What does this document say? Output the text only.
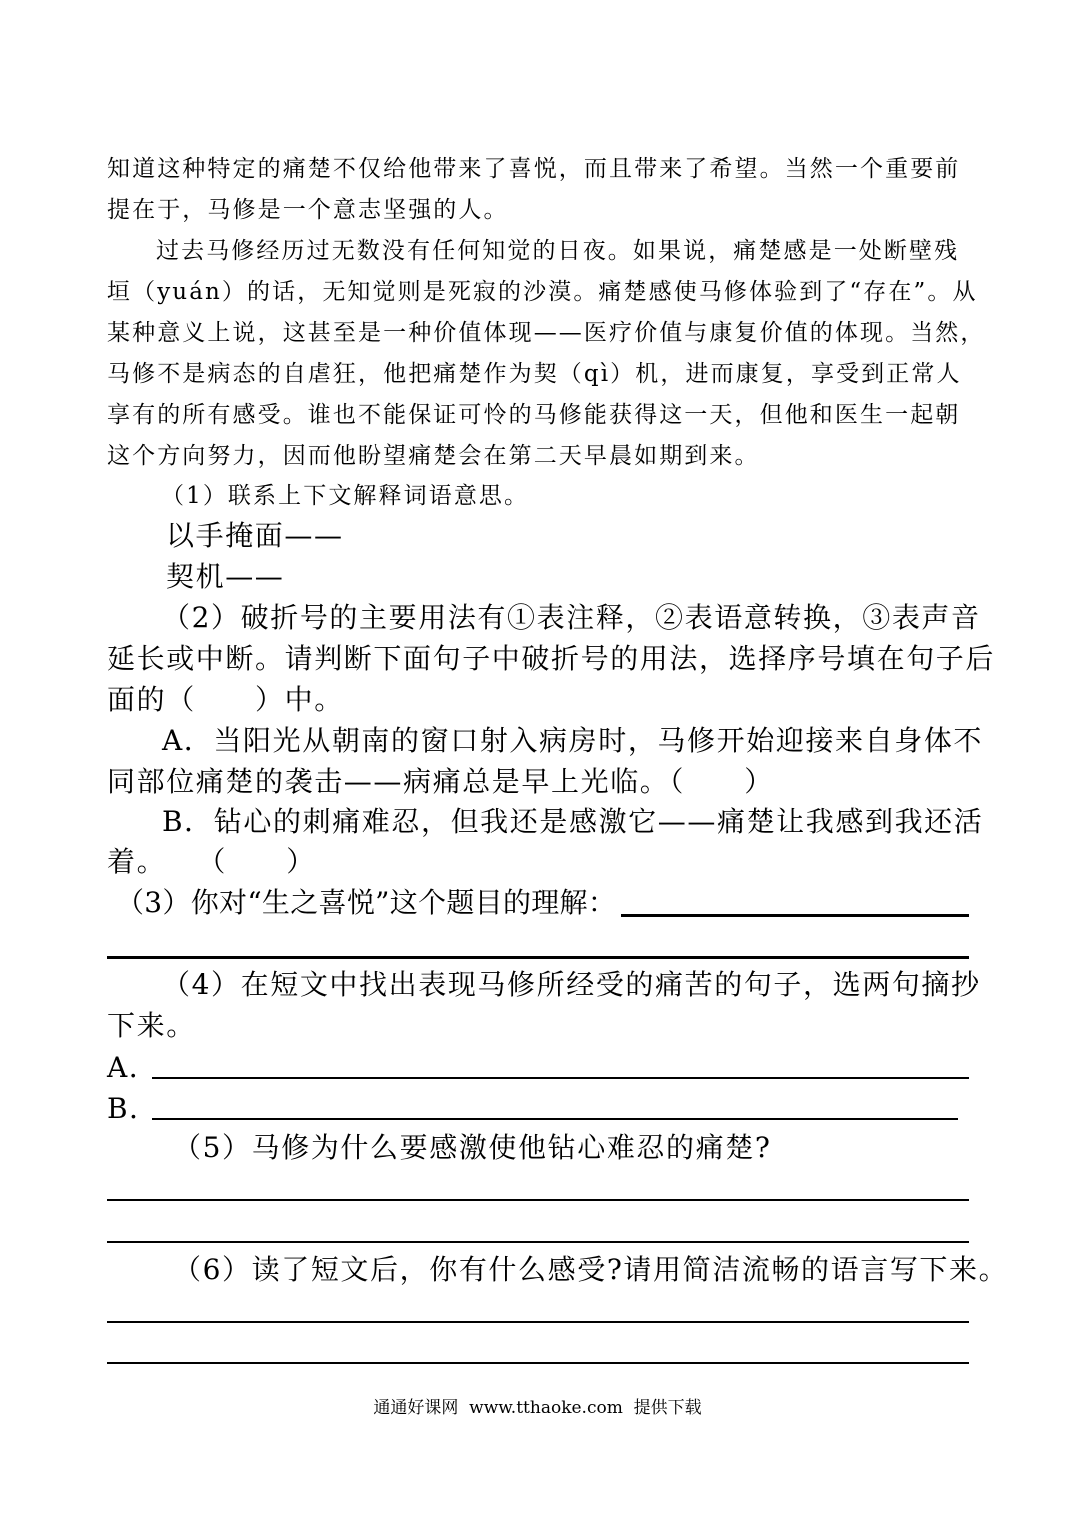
知道这种特定的痛楚不仅给他带来了喜悦，而且带来了希望。当然一个重要前
提在于，马修是一个意志坚强的人。
过去马修经历过无数没有任何知觉的日夜。如果说，痛楚感是一处断壁残
垣（yuán）的话，无知觉则是死寂的沙漠。痛楚感使马修体验到了“存在”。从
某种意义上说，这甚至是一种价值体现——医疗价值与康复价值的体现。当然，
马修不是病态的自虐狂，他把痛楚作为契（qì）机，进而康复，享受到正常人
享有的所有感受。谁也不能保证可怜的马修能获得这一天，但他和医生一起朝
这个方向努力，因而他盼望痛楚会在第二天早晨如期到来。
（1）联系上下文解释词语意思。
以手掩面——
契机——
（2）破折号的主要用法有①表注释，②表语意转换，③表声音
延长或中断。请判断下面句子中破折号的用法，选择序号填在句子后
面的（　　）中。
A．当阳光从朝南的窗口射入病房时，马修开始迎接来自身体不
同部位痛楚的袭击——病痛总是早上光临。（　　）
B．钻心的刺痛难忍，但我还是感激它——痛楚让我感到我还活
着。　　（　　）
（3）你对“生之喜悦”这个题目的理解：
（4）在短文中找出表现马修所经受的痛苦的句子，选两句摘抄
下来。
A．
B．
（5）马修为什么要感激使他钻心难忍的痛楚?
（6）读了短文后，你有什么感受?请用简洁流畅的语言写下来。
通通好课网  www.tthaoke.com  提供下载
